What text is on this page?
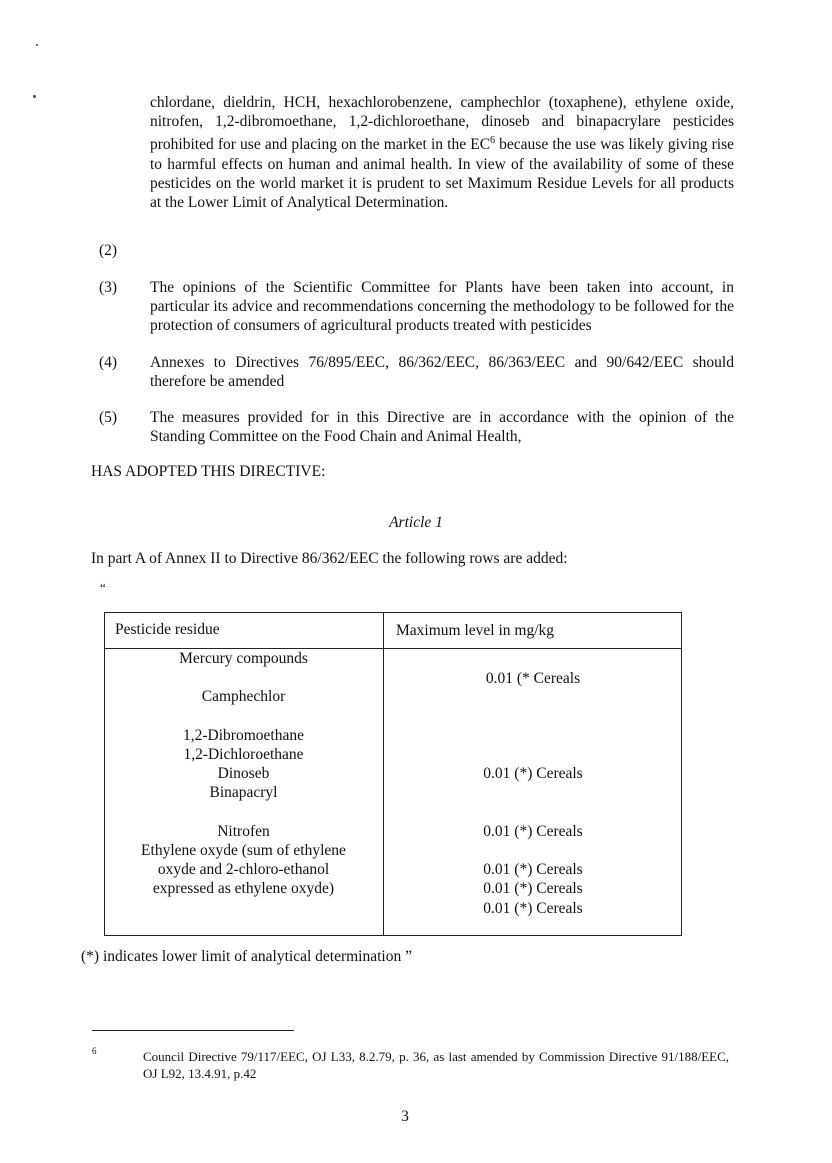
chlordane, dieldrin, HCH, hexachlorobenzene, camphechlor (toxaphene), ethylene oxide, nitrofen, 1,2-dibromoethane, 1,2-dichloroethane, dinoseb and binapacrylare pesticides prohibited for use and placing on the market in the $EC^6$ because the use was likely giving rise to harmful effects on human and animal health. In view of the availability of some of these pesticides on the world market it is prudent to set Maximum Residue Levels for all products at the Lower Limit of Analytical Determination.

(2)
(3) The opinions of the Scientific Committee for Plants have been taken into account, in particular its advice and recommendations concerning the methodology to be followed for the protection of consumers of agricultural products treated with pesticides

(4) Annexes to Directives 76/895/EEC, 86/362/EEC, 86/363/EEC and 90/642/EEC should therefore be amended

(5) The measures provided for in this Directive are in accordance with the opinion of the Standing Committee on the Food Chain and Animal Health,

HAS ADOPTED THIS DIRECTIVE:
Article 1
In part A of Annex II to Directive 86/362/EEC the following rows are added:
“
Pesticide residue	Maximum level in mg/kg
Mercury compounds
Camphechlor
1,2-Dibromoethane
1,2-Dichloroethane
Dinoseb
Binapacryl
Nitrofen
Ethylene oxyde (sum of ethylene
oxyde and 2-chloro-ethanol
expressed as ethylene oxyde)
0.01 (* Cereals
0.01 (*) Cereals
0.01 (*) Cereals
0.01 (*) Cereals
0.01 (*) Cereals
0.01 (*) Cereals
(*) indicates lower limit of analytical determination ”
6	Council Directive 79/117/EEC, OJ L33, 8.2.79, p. 36, as last amended by Commission Directive 91/188/EEC, OJ L92, 13.4.91, p.42
3
